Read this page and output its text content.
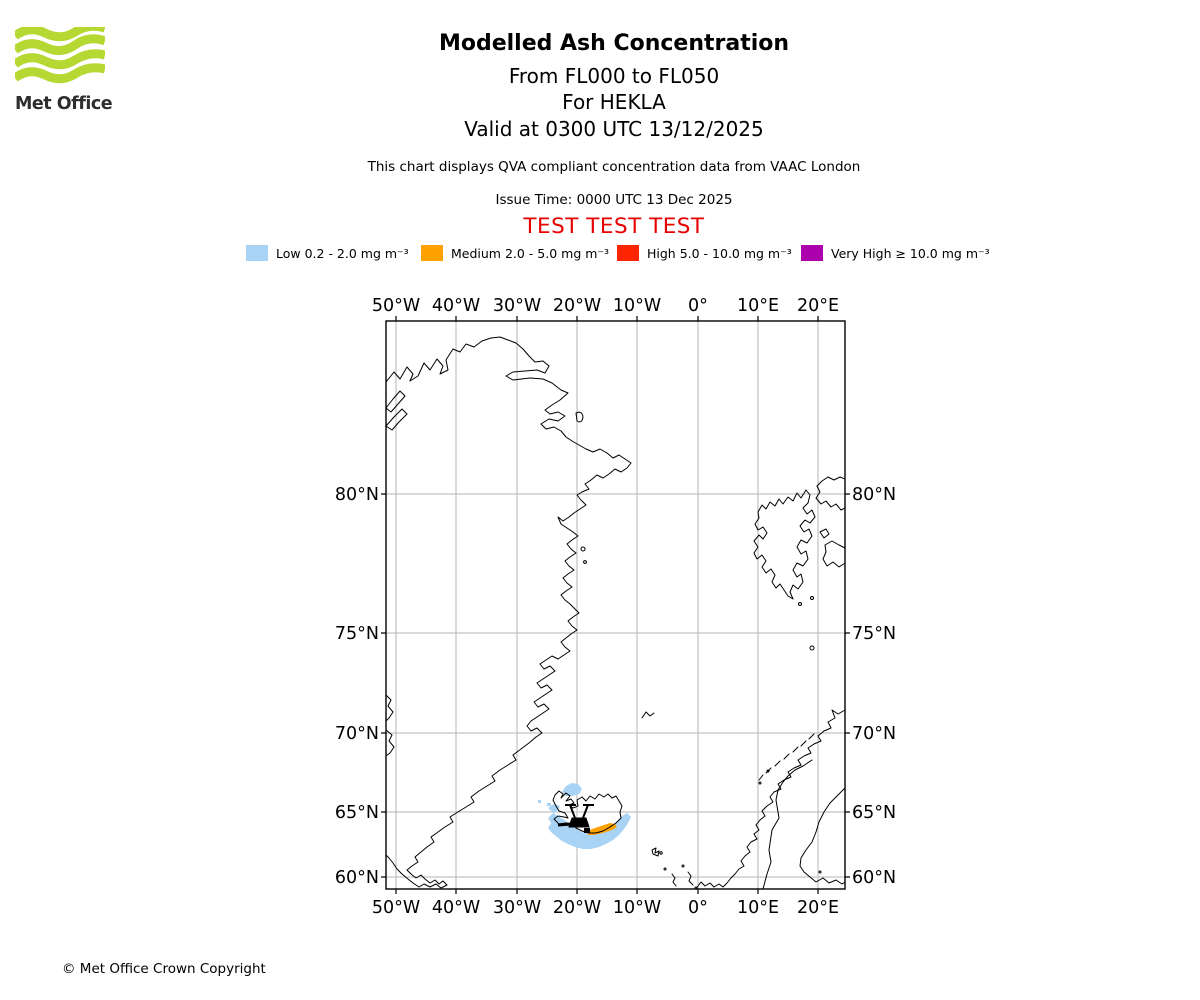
Met Office
Modelled Ash Concentration
From FL000 to FL050
For HEKLA
Valid at 0300 UTC 13/12/2025
This chart displays QVA compliant concentration data from VAAC London
Issue Time: 0000 UTC 13 Dec 2025
TEST TEST TEST
Low 0.2 - 2.0 mg m⁻³	Medium 2.0 - 5.0 mg m⁻³	High 5.0 - 10.0 mg m⁻³	Very High ≥ 10.0 mg m⁻³
50°W 40°W 30°W 20°W 10°W 0° 10°E 20°E
50°W 40°W 30°W 20°W 10°W 0° 10°E 20°E
80°N
75°N
70°N
65°N
60°N
80°N
75°N
70°N
65°N
60°N
© Met Office Crown Copyright
